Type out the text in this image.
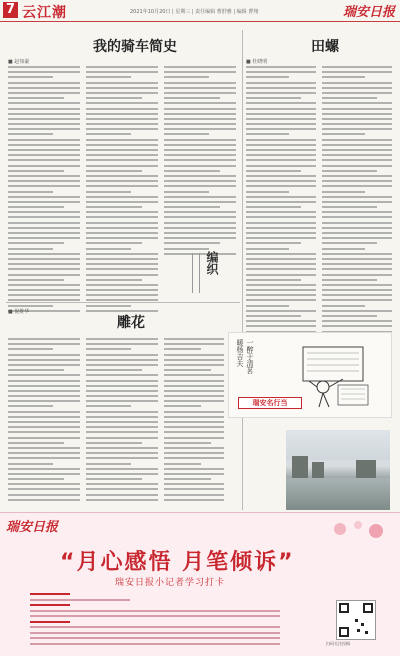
7 云江潮	2021年10月20日 | 星期三 | 责任编辑 曹舒雅 | 编辑 曹翔	瑞安日报
我的骑车简史
■ 赵如豪
编织
田螺
■ 杜晓明
雕花
■ 倪维华
暖杨吉夫 一醉于清茗
瑞安名行当
瑞安日报
“月心感悟 月笔倾诉”
瑞安日报小记者学习打卡
扫码关注投稿
